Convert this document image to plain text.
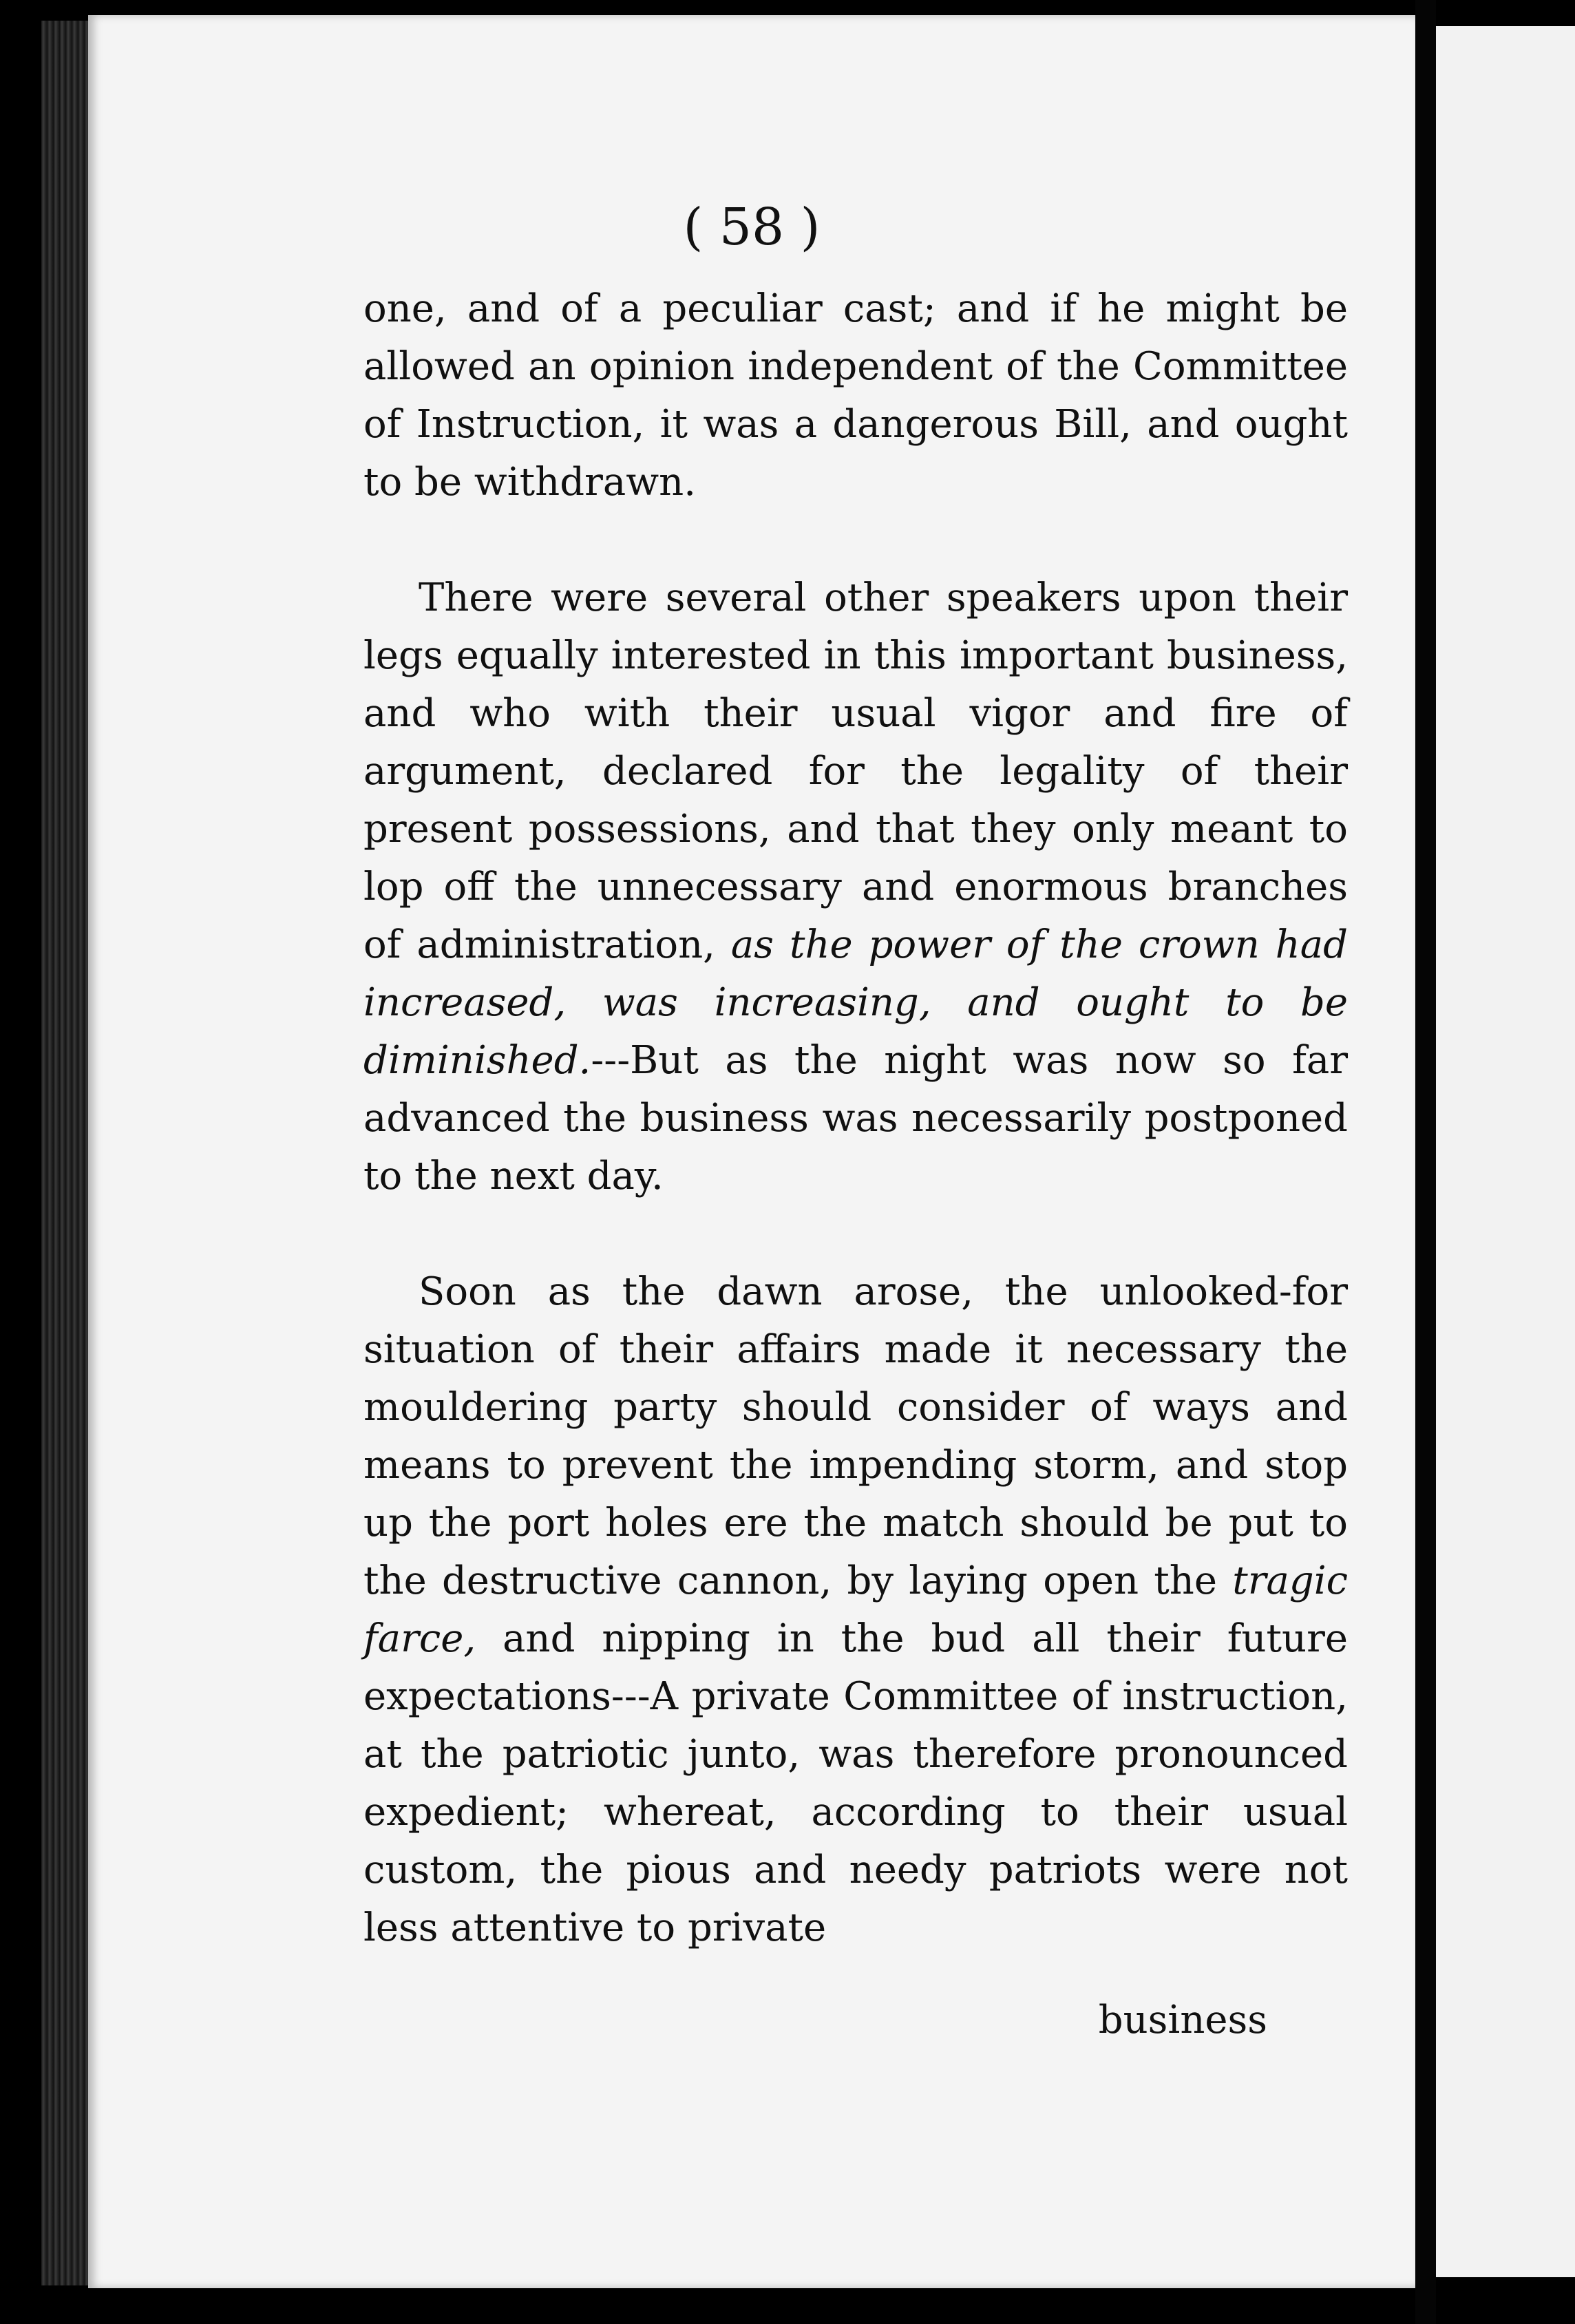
( 58 )

one, and of a peculiar cast; and if he might be allowed an opinion independent of the Committee of Instruction, it was a dangerous Bill, and ought to be withdrawn.

There were several other speakers upon their legs equally interested in this important business, and who with their usual vigor and fire of argument, declared for the legality of their present possessions, and that they only meant to lop off the unnecessary and enormous branches of administration, as the power of the crown had increased, was increasing, and ought to be diminished.---But as the night was now so far advanced the business was necessarily postponed to the next day.

Soon as the dawn arose, the unlooked-for situation of their affairs made it necessary the mouldering party should consider of ways and means to prevent the impending storm, and stop up the port holes ere the match should be put to the destructive cannon, by laying open the tragic farce, and nipping in the bud all their future expectations---A private Committee of instruction, at the patriotic junto, was therefore pronounced expedient; whereat, according to their usual custom, the pious and needy patriots were not less attentive to private

business
